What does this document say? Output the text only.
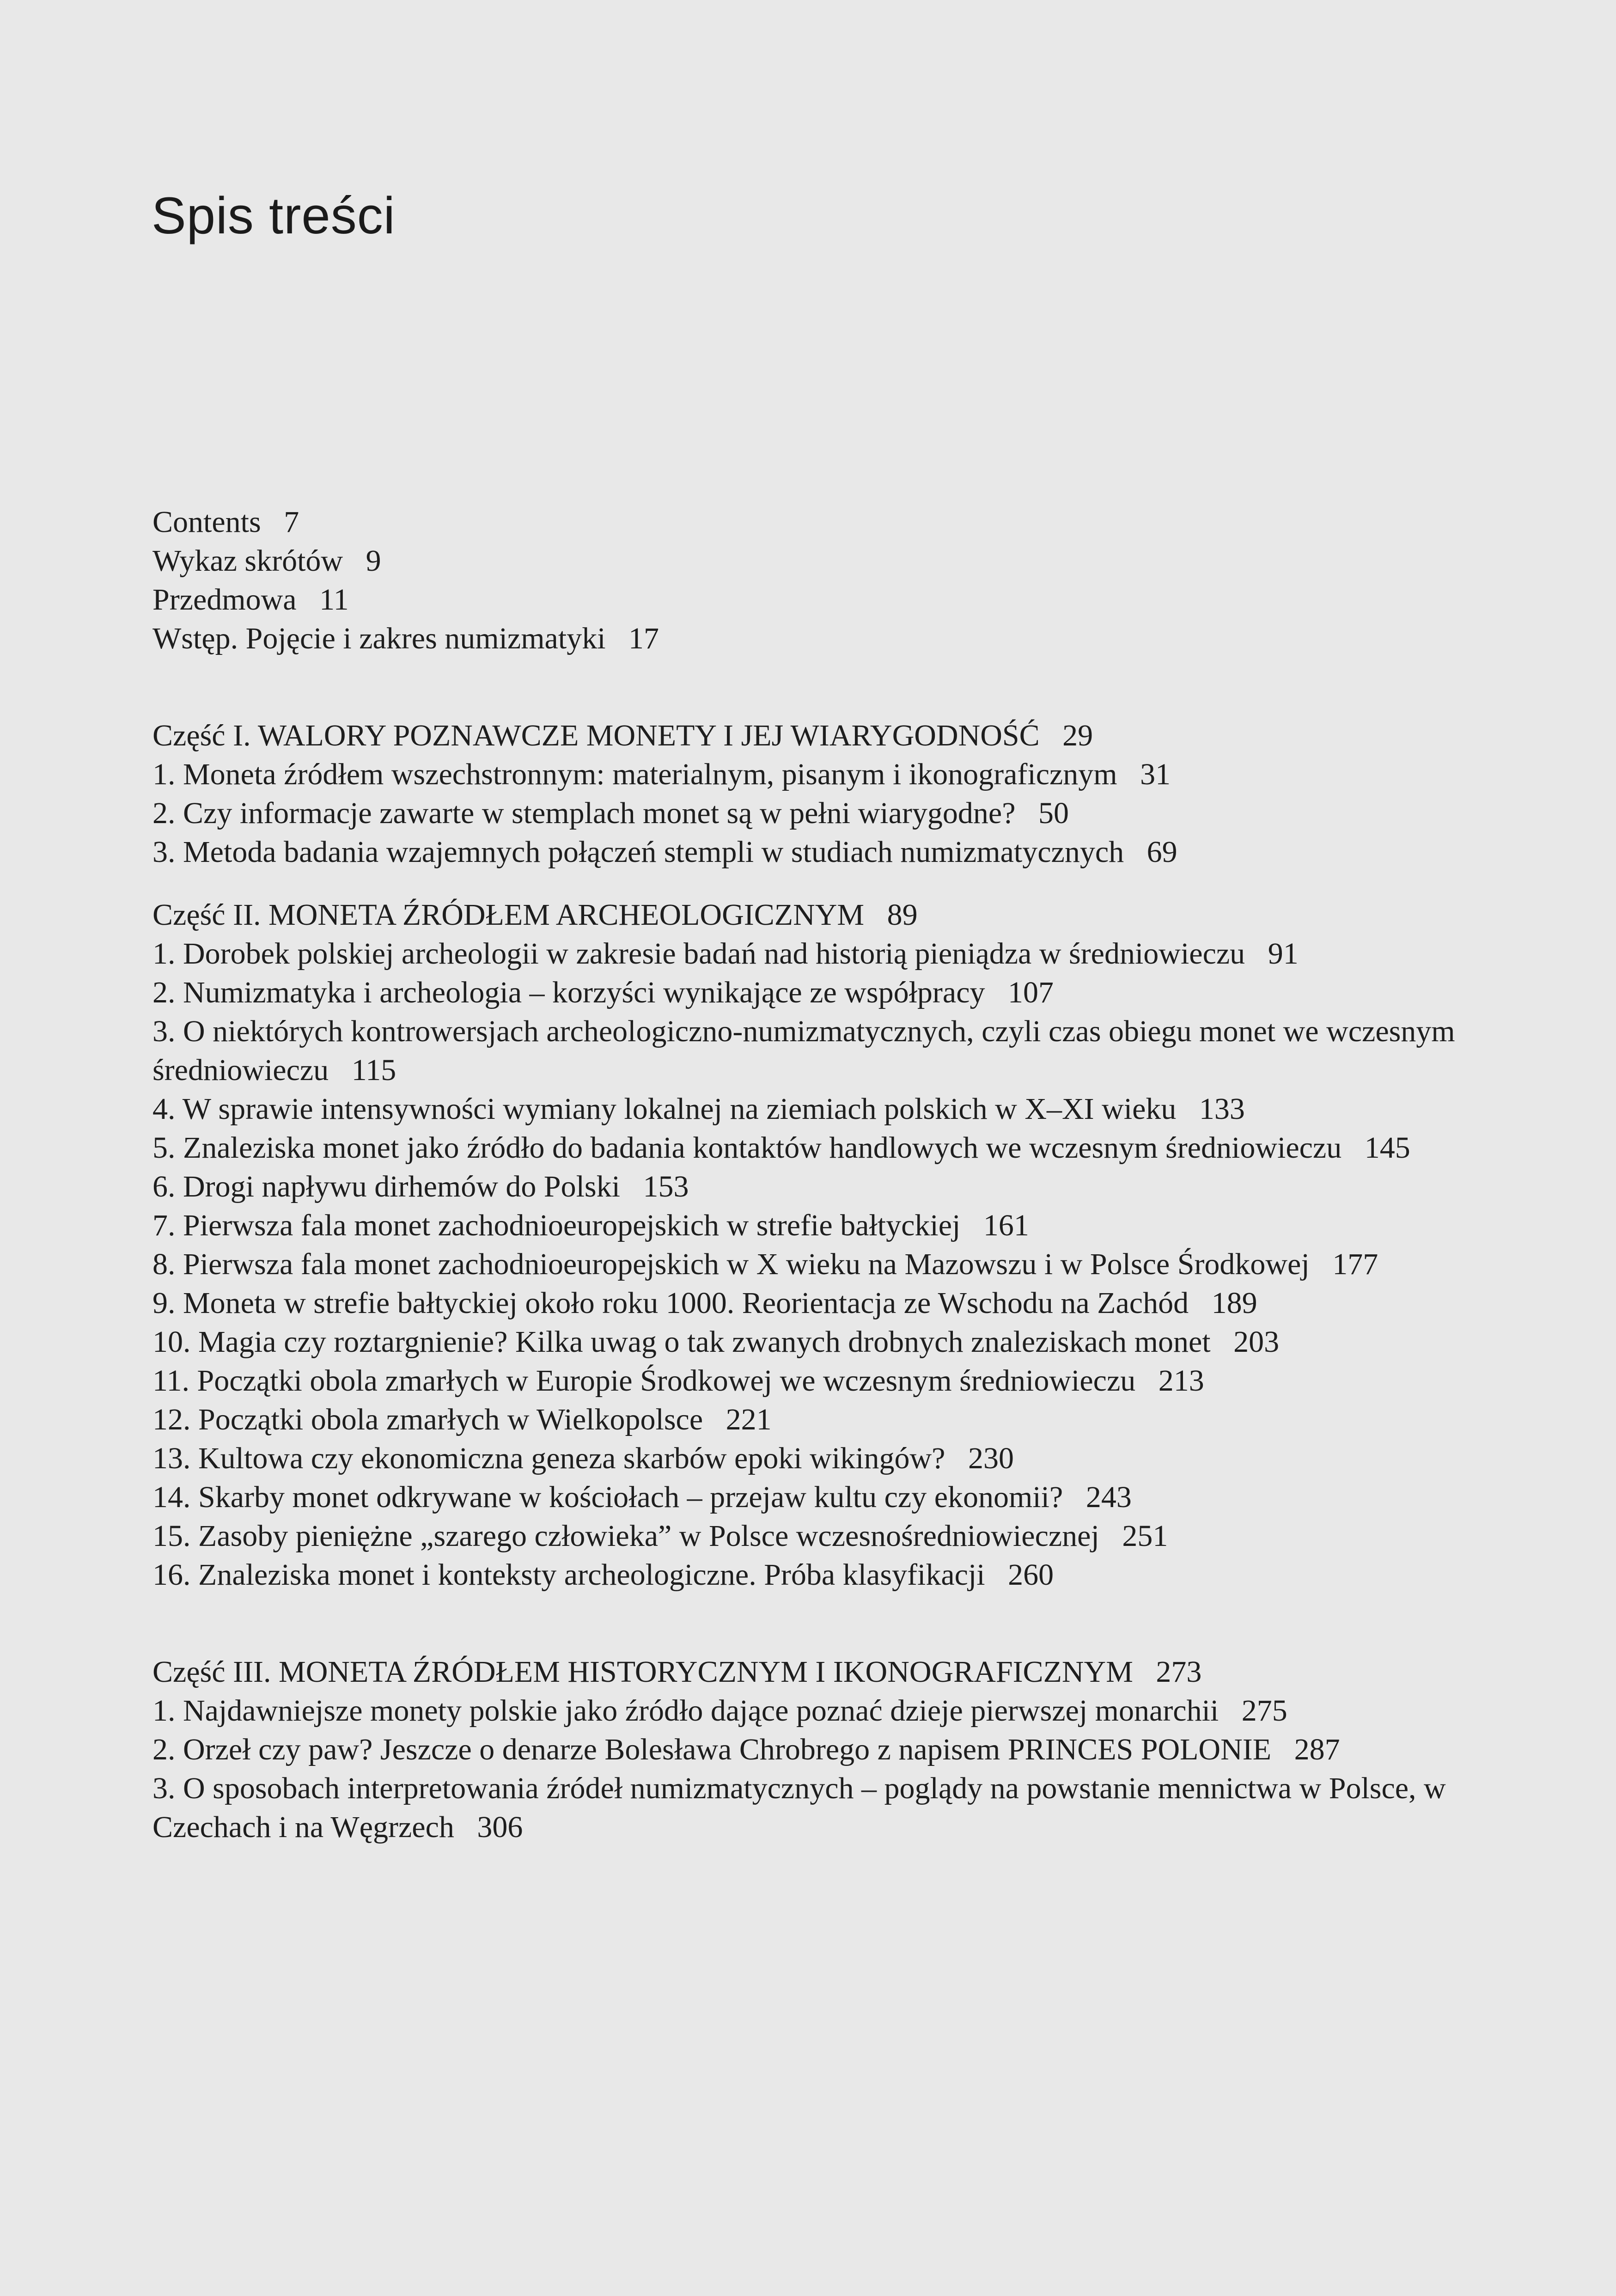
Spis treści

Contents 7

Wykaz skrótów 9

Przedmowa 11

Wstęp. Pojęcie i zakres numizmatyki 17

Część I. WALORY POZNAWCZE MONETY I JEJ WIARYGODNOŚĆ 29

1. Moneta źródłem wszechstronnym: materialnym, pisanym i ikonograficznym 31

2. Czy informacje zawarte w stemplach monet są w pełni wiarygodne? 50

3. Metoda badania wzajemnych połączeń stempli w studiach numizmatycznych 69

Część II. MONETA ŹRÓDŁEM ARCHEOLOGICZNYM 89

1. Dorobek polskiej archeologii w zakresie badań nad historią pieniądza w średniowieczu 91

2. Numizmatyka i archeologia – korzyści wynikające ze współpracy 107

3. O niektórych kontrowersjach archeologiczno-numizmatycznych, czyli czas obiegu monet we wczesnym średniowieczu 115

4. W sprawie intensywności wymiany lokalnej na ziemiach polskich w X–XI wieku 133

5. Znaleziska monet jako źródło do badania kontaktów handlowych we wczesnym średniowieczu 145

6. Drogi napływu dirhemów do Polski 153

7. Pierwsza fala monet zachodnioeuropejskich w strefie bałtyckiej 161

8. Pierwsza fala monet zachodnioeuropejskich w X wieku na Mazowszu i w Polsce Środkowej 177

9. Moneta w strefie bałtyckiej około roku 1000. Reorientacja ze Wschodu na Zachód 189

10. Magia czy roztargnienie? Kilka uwag o tak zwanych drobnych znaleziskach monet 203

11. Początki obola zmarłych w Europie Środkowej we wczesnym średniowieczu 213

12. Początki obola zmarłych w Wielkopolsce 221

13. Kultowa czy ekonomiczna geneza skarbów epoki wikingów? 230

14. Skarby monet odkrywane w kościołach – przejaw kultu czy ekonomii? 243

15. Zasoby pieniężne „szarego człowieka” w Polsce wczesnośredniowiecznej 251

16. Znaleziska monet i konteksty archeologiczne. Próba klasyfikacji 260

Część III. MONETA ŹRÓDŁEM HISTORYCZNYM I IKONOGRAFICZNYM 273

1. Najdawniejsze monety polskie jako źródło dające poznać dzieje pierwszej monarchii 275

2. Orzeł czy paw? Jeszcze o denarze Bolesława Chrobrego z napisem PRINCES POLONIE 287

3. O sposobach interpretowania źródeł numizmatycznych – poglądy na powstanie mennictwa w Polsce, w Czechach i na Węgrzech 306
